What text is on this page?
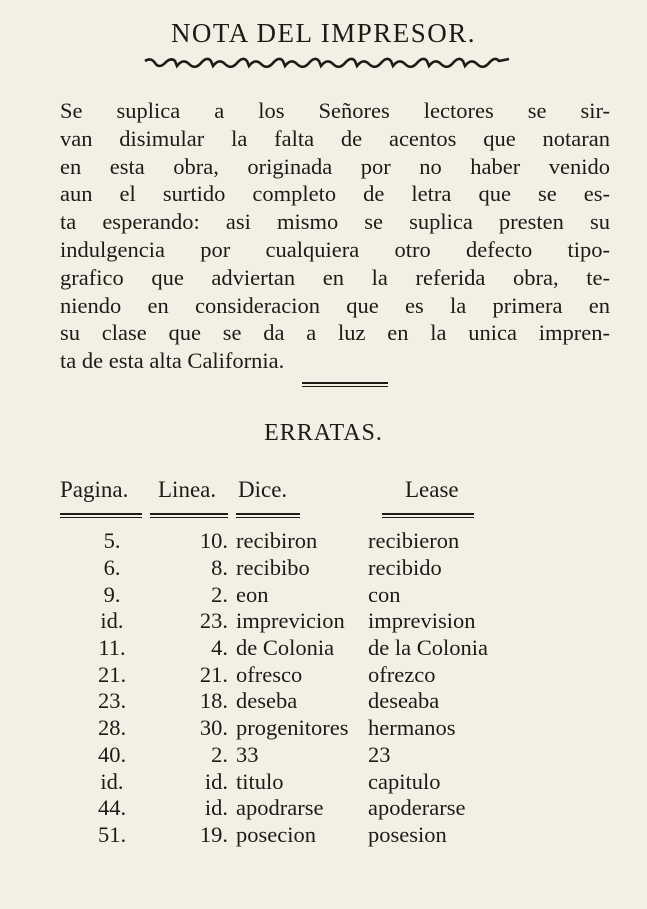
NOTA DEL IMPRESOR.
Se suplica a los Señores lectores se sir-
van disimular la falta de acentos que notaran
en esta obra, originada por no haber venido
aun el surtido completo de letra que se es-
ta esperando: asi mismo se suplica presten su
indulgencia por cualquiera otro defecto tipo-
grafico que adviertan en la referida obra, te-
niendo en consideracion que es la primera en
su clase que se da a luz en la unica impren-
ta de esta alta California.
ERRATAS.
Pagina. Linea. Dice.	Lease
5.	10.	recibiron	recibieron
6.	8.	recibibo	recibido
9.	2.	eon	con
id.	23.	imprevicion	imprevision
11.	4.	de Colonia	de la Colonia
21.	21.	ofresco	ofrezco
23.	18.	deseba	deseaba
28.	30.	progenitores	hermanos
40.	2.	33	23
id.	id.	titulo	capitulo
44.	id.	apodrarse	apoderarse
51.	19.	posecion	posesion
